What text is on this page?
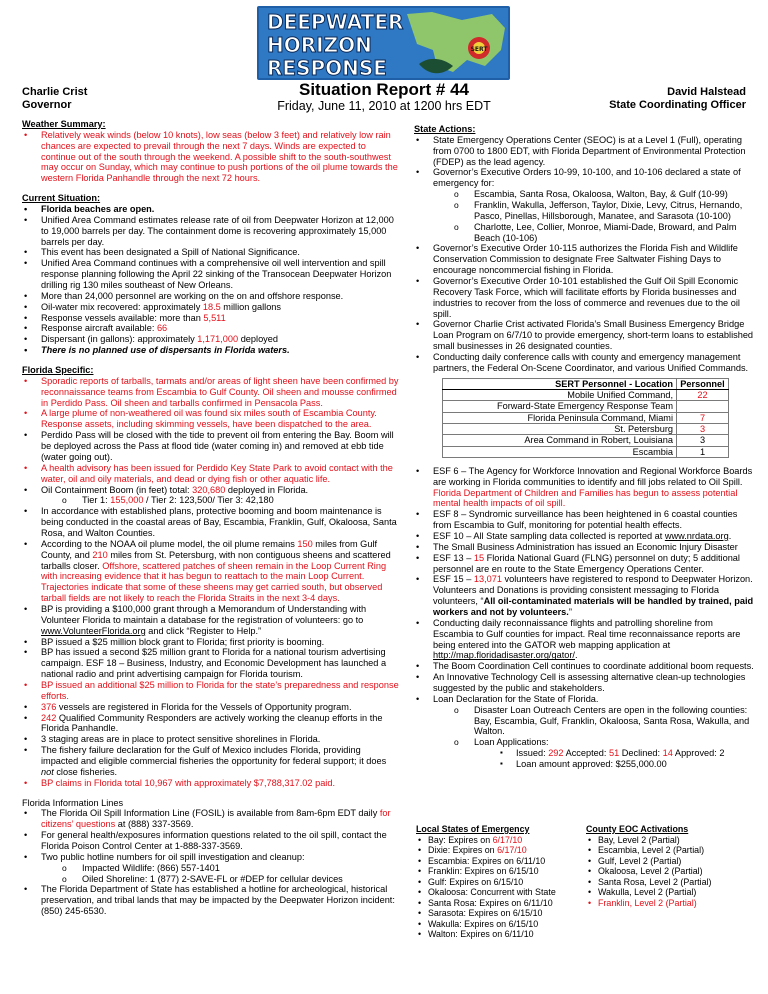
SERT
DEEPWATER
HORIZON
RESPONSE
Charlie Crist
Governor
Situation Report # 44
Friday, June 11, 2010 at 1200 hrs EDT
David Halstead
State Coordinating Officer
Weather Summary:
• Relatively weak winds (below 10 knots), low seas (below 3 feet) and relatively low rain chances are expected to prevail through the next 7 days. Winds are expected to continue out of the south through the weekend. A possible shift to the south-southwest may occur on Sunday, which may continue to push portions of the oil plume towards the western Florida Panhandle through the next 72 hours.
Current Situation:
• Florida beaches are open.
• Unified Area Command estimates release rate of oil from Deepwater Horizon at 12,000 to 19,000 barrels per day. The containment dome is recovering approximately 15,000 barrels per day.
• This event has been designated a Spill of National Significance.
• Unified Area Command continues with a comprehensive oil well intervention and spill response planning following the April 22 sinking of the Transocean Deepwater Horizon drilling rig 130 miles southeast of New Orleans.
• More than 24,000 personnel are working on the on and offshore response.
• Oil-water mix recovered: approximately 18.5 million gallons
• Response vessels available: more than 5,511
• Response aircraft available: 66
• Dispersant (in gallons): approximately 1,171,000 deployed
• There is no planned use of dispersants in Florida waters.
Florida Specific:
• Sporadic reports of tarballs, tarmats and/or areas of light sheen have been confirmed by reconnaissance teams from Escambia to Gulf County. Oil sheen and mousse confirmed in Perdido Pass. Oil sheen and tarballs confirmed in Pensacola Pass.
• A large plume of non-weathered oil was found six miles south of Escambia County. Response assets, including skimming vessels, have been dispatched to the area.
• Perdido Pass will be closed with the tide to prevent oil from entering the Bay. Boom will be deployed across the Pass at flood tide (water coming in) and removed at ebb tide (water going out).
• A health advisory has been issued for Perdido Key State Park to avoid contact with the water, oil and oily materials, and dead or dying fish or other aquatic life.
• Oil Containment Boom (in feet) total: 320,680 deployed in Florida.
o Tier 1: 155,000 / Tier 2: 123,500/ Tier 3: 42,180
• In accordance with established plans, protective booming and boom maintenance is being conducted in the coastal areas of Bay, Escambia, Franklin, Gulf, Okaloosa, Santa Rosa, and Walton Counties.
• According to the NOAA oil plume model, the oil plume remains 150 miles from Gulf County, and 210 miles from St. Petersburg, with non contiguous sheens and scattered tarballs closer. Offshore, scattered patches of sheen remain in the Loop Current Ring with increasing evidence that it has begun to reattach to the main Loop Current. Trajectories indicate that some of these sheens may get carried south, but observed tarball fields are not likely to reach the Florida Straits in the next 3-4 days.
• BP is providing a $100,000 grant through a Memorandum of Understanding with Volunteer Florida to maintain a database for the registration of volunteers: go to www.VolunteerFlorida.org and click “Register to Help.”
• BP issued a $25 million block grant to Florida; first priority is booming.
• BP has issued a second $25 million grant to Florida for a national tourism advertising campaign. ESF 18 – Business, Industry, and Economic Development has launched a national radio and print advertising campaign for Florida tourism.
• BP issued an additional $25 million to Florida for the state’s preparedness and response efforts.
• 376 vessels are registered in Florida for the Vessels of Opportunity program.
• 242 Qualified Community Responders are actively working the cleanup efforts in the Florida Panhandle.
• 3 staging areas are in place to protect sensitive shorelines in Florida.
• The fishery failure declaration for the Gulf of Mexico includes Florida, providing impacted and eligible commercial fisheries the opportunity for federal support; it does not close fisheries.
• BP claims in Florida total 10,967 with approximately $7,788,317.02 paid.
Florida Information Lines
• The Florida Oil Spill Information Line (FOSIL) is available from 8am-6pm EDT daily for citizens’ questions at (888) 337-3569.
• For general health/exposures information questions related to the oil spill, contact the Florida Poison Control Center at 1-888-337-3569.
• Two public hotline numbers for oil spill investigation and cleanup:
o Impacted Wildlife: (866) 557-1401
o Oiled Shoreline: 1 (877) 2-SAVE-FL or #DEP for cellular devices
• The Florida Department of State has established a hotline for archeological, historical preservation, and tribal lands that may be impacted by the Deepwater Horizon incident: (850) 245-6530.
State Actions:
• State Emergency Operations Center (SEOC) is at a Level 1 (Full), operating from 0700 to 1800 EDT, with Florida Department of Environmental Protection (FDEP) as the lead agency.
• Governor’s Executive Orders 10-99, 10-100, and 10-106 declared a state of emergency for:
o Escambia, Santa Rosa, Okaloosa, Walton, Bay, & Gulf (10-99)
o Franklin, Wakulla, Jefferson, Taylor, Dixie, Levy, Citrus, Hernando, Pasco, Pinellas, Hillsborough, Manatee, and Sarasota (10-100)
o Charlotte, Lee, Collier, Monroe, Miami-Dade, Broward, and Palm Beach (10-106)
• Governor’s Executive Order 10-115 authorizes the Florida Fish and Wildlife Conservation Commission to designate Free Saltwater Fishing Days to encourage noncommercial fishing in Florida.
• Governor’s Executive Order 10-101 established the Gulf Oil Spill Economic Recovery Task Force, which will facilitate efforts by Florida businesses and industries to recover from the loss of commerce and revenues due to the oil spill.
• Governor Charlie Crist activated Florida’s Small Business Emergency Bridge Loan Program on 6/7/10 to provide emergency, short-term loans to established small businesses in 26 designated counties.
• Conducting daily conference calls with county and emergency management partners, the Federal On-Scene Coordinator, and various Unified Commands.
SERT Personnel - Location	Personnel
Mobile Unified Command,	22
Forward-State Emergency Response Team	
Florida Peninsula Command, Miami	7
St. Petersburg	3
Area Command in Robert, Louisiana	3
Escambia	1
• ESF 6 – The Agency for Workforce Innovation and Regional Workforce Boards are working in Florida communities to identify and fill jobs related to Oil Spill. Florida Department of Children and Families has begun to assess potential mental health impacts of oil spill.
• ESF 8 – Syndromic surveillance has been heightened in 6 coastal counties from Escambia to Gulf, monitoring for potential health effects.
• ESF 10 – All State sampling data collected is reported at www.nrdata.org.
• The Small Business Administration has issued an Economic Injury Disaster
• ESF 13 – 15 Florida National Guard (FLNG) personnel on duty; 5 additional personnel are en route to the State Emergency Operations Center.
• ESF 15 – 13,071 volunteers have registered to respond to Deepwater Horizon. Volunteers and Donations is providing consistent messaging to Florida volunteers, “All oil-contaminated materials will be handled by trained, paid workers and not by volunteers.”
• Conducting daily reconnaissance flights and patrolling shoreline from Escambia to Gulf counties for impact. Real time reconnaissance reports are being entered into the GATOR web mapping application at http://map.floridadisaster.org/gator/.
• The Boom Coordination Cell continues to coordinate additional boom requests.
• An Innovative Technology Cell is assessing alternative clean-up technologies suggested by the public and stakeholders.
• Loan Declaration for the State of Florida.
o Disaster Loan Outreach Centers are open in the following counties: Bay, Escambia, Gulf, Franklin, Okaloosa, Santa Rosa, Wakulla, and Walton.
o Loan Applications:
▪ Issued: 292 Accepted: 51 Declined: 14 Approved: 2
▪ Loan amount approved: $255,000.00
Local States of Emergency
• Bay: Expires on 6/17/10
• Dixie: Expires on 6/17/10
• Escambia: Expires on 6/11/10
• Franklin: Expires on 6/15/10
• Gulf: Expires on 6/15/10
• Okaloosa: Concurrent with State
• Santa Rosa: Expires on 6/11/10
• Sarasota: Expires on 6/15/10
• Wakulla: Expires on 6/15/10
• Walton: Expires on 6/11/10
County EOC Activations
• Bay, Level 2 (Partial)
• Escambia, Level 2 (Partial)
• Gulf, Level 2 (Partial)
• Okaloosa, Level 2 (Partial)
• Santa Rosa, Level 2 (Partial)
• Wakulla, Level 2 (Partial)
• Franklin, Level 2 (Partial)
